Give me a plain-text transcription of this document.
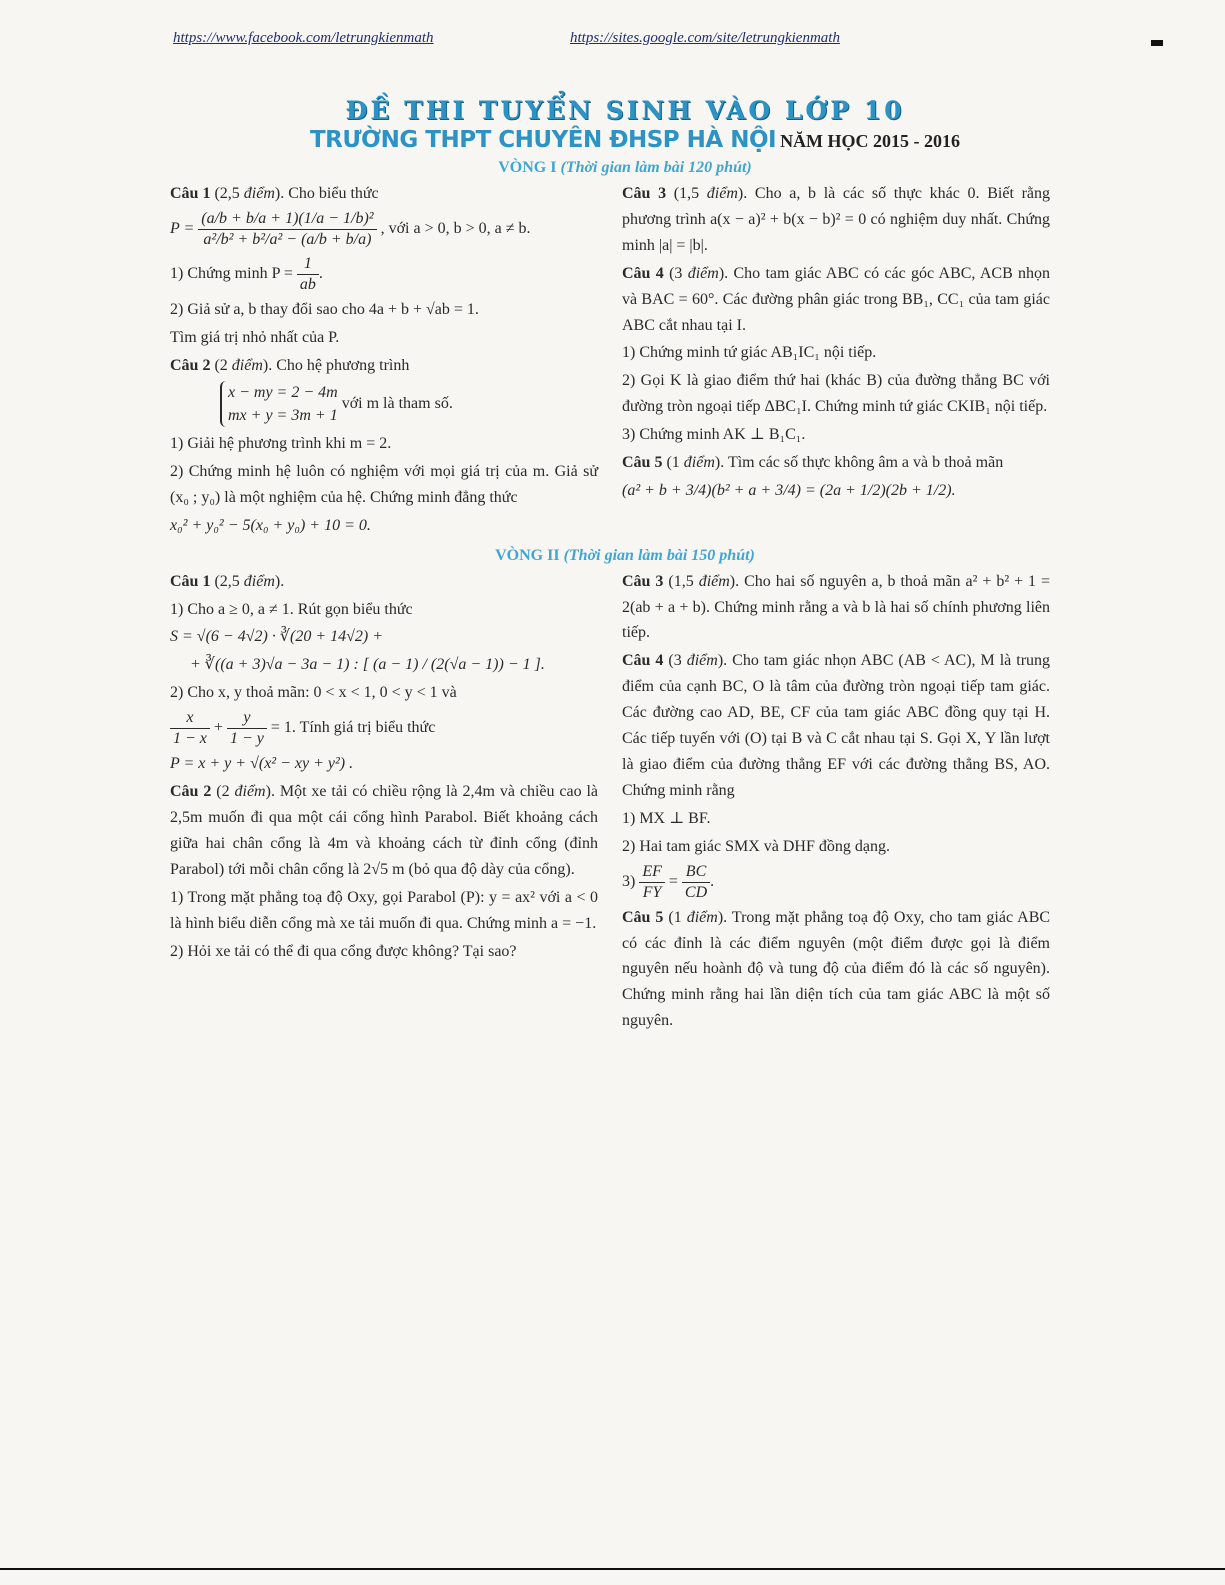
https://www.facebook.com/letrungkienmath	https://sites.google.com/site/letrungkienmath
ĐỀ THI TUYỂN SINH VÀO LỚP 10
TRƯỜNG THPT CHUYÊN ĐHSP HÀ NỘI NĂM HỌC 2015 - 2016
VÒNG I (Thời gian làm bài 120 phút)

Câu 1 (2,5 điểm). Cho biểu thức

$P = \frac{\text{(a/b + b/a + 1)(1/a − 1/b)²}}{\text{a²/b² + b²/a² − (a/b + b/a)}}$ , với a > 0, b > 0, a ≠ b.

1) Chứng minh $P = \frac{1}{ab}$ .

2) Giả sử a, b thay đổi sao cho 4a + b + √ab = 1.

Tìm giá trị nhỏ nhất của P.

Câu 2 (2 điểm). Cho hệ phương trình

x − my = 2 − 4m
mx + y = 3m + 1 với m là tham số.

1) Giải hệ phương trình khi m = 2.

2) Chứng minh hệ luôn có nghiệm với mọi giá trị của m. Giả sử (x₀ ; y₀) là một nghiệm của hệ. Chứng minh đẳng thức

x₀² + y₀² − 5(x₀ + y₀) + 10 = 0.

Câu 3 (1,5 điểm). Cho a, b là các số thực khác 0. Biết rằng phương trình a(x − a)² + b(x − b)² = 0 có nghiệm duy nhất. Chứng minh |a| = |b|.

Câu 4 (3 điểm). Cho tam giác ABC có các góc ABC, ACB nhọn và BAC = 60°. Các đường phân giác trong BB₁, CC₁ của tam giác ABC cắt nhau tại I.

1) Chứng minh tứ giác AB₁IC₁ nội tiếp.

2) Gọi K là giao điểm thứ hai (khác B) của đường thẳng BC với đường tròn ngoại tiếp ΔBC₁I. Chứng minh tứ giác CKIB₁ nội tiếp.

3) Chứng minh AK ⊥ B₁C₁.

Câu 5 (1 điểm). Tìm các số thực không âm a và b thoả mãn

(a² + b + 3/4)(b² + a + 3/4) = (2a + 1/2)(2b + 1/2).

VÒNG II (Thời gian làm bài 150 phút)

Câu 1 (2,5 điểm).

1) Cho a ≥ 0, a ≠ 1. Rút gọn biểu thức

S = √(6 − 4√2) · ∛(20 + 14√2) +

+ ∛((a + 3)√a − 3a − 1) : [ (a − 1) / (2(√a − 1)) − 1 ].

2) Cho x, y thoả mãn: 0 < x < 1, 0 < y < 1 và

$\frac{x}{1 - x} + \frac{y}{1 - y} = 1$. Tính giá trị biểu thức

P = x + y + √(x² − xy + y²) .

Câu 2 (2 điểm). Một xe tải có chiều rộng là 2,4m và chiều cao là 2,5m muốn đi qua một cái cổng hình Parabol. Biết khoảng cách giữa hai chân cổng là 4m và khoảng cách từ đỉnh cổng (đỉnh Parabol) tới mỗi chân cổng là 2√5 m (bỏ qua độ dày của cổng).

1) Trong mặt phẳng toạ độ Oxy, gọi Parabol (P): y = ax² với a < 0 là hình biểu diễn cổng mà xe tải muốn đi qua. Chứng minh a = −1.

2) Hỏi xe tải có thể đi qua cổng được không? Tại sao?

Câu 3 (1,5 điểm). Cho hai số nguyên a, b thoả mãn a² + b² + 1 = 2(ab + a + b). Chứng minh rằng a và b là hai số chính phương liên tiếp.

Câu 4 (3 điểm). Cho tam giác nhọn ABC (AB < AC), M là trung điểm của cạnh BC, O là tâm của đường tròn ngoại tiếp tam giác. Các đường cao AD, BE, CF của tam giác ABC đồng quy tại H. Các tiếp tuyến với (O) tại B và C cắt nhau tại S. Gọi X, Y lần lượt là giao điểm của đường thẳng EF với các đường thẳng BS, AO. Chứng minh rằng

1) MX ⊥ BF.

2) Hai tam giác SMX và DHF đồng dạng.

$3) \frac{EF}{FY} = \frac{BC}{CD}$ .

Câu 5 (1 điểm). Trong mặt phẳng toạ độ Oxy, cho tam giác ABC có các đỉnh là các điểm nguyên (một điểm được gọi là điểm nguyên nếu hoành độ và tung độ của điểm đó là các số nguyên). Chứng minh rằng hai lần diện tích của tam giác ABC là một số nguyên.
